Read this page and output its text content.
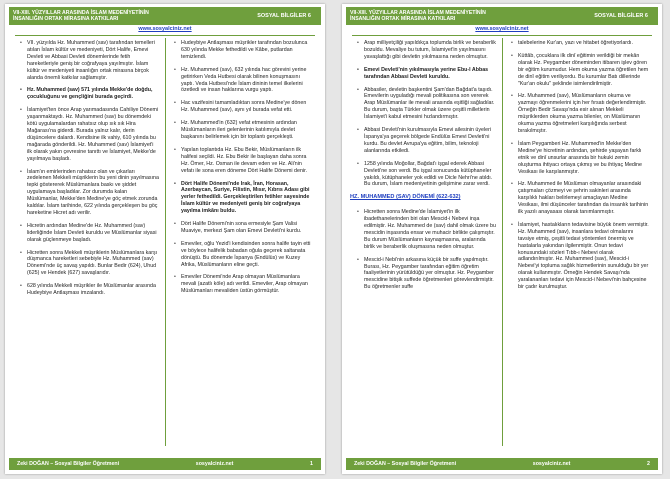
VII-XIII. YÜZYILLAR ARASINDA İSLAM MEDENİYETİNİN
İNSANLIĞIN ORTAK MİRASINA KATKILARI	SOSYAL BİLGİLER 6
www.sosyalciniz.net
• VII. yüzyılda Hz. Muhammed (sav) tarafından temelleri atılan İslam kültür ve medeniyeti, Dört Halife, Emevi Devleti ve Abbasi Devleti dönemlerinde fetih hareketleriyle geniş bir coğrafyaya yayılmıştır. İslam kültür ve medeniyeti insanlığın ortak mirasına birçok alanda önemli katkılar sağlamıştır.
• Hz. Muhammed (sav) 571 yılında Mekke'de doğdu, çocukluğunu ve gençliğini burada geçirdi.
• İslamiyet'ten önce Arap yarımadasında Cahiliye Dönemi yaşanmaktaydı. Hz. Muhammed (sav) bu dönemdeki kötü uygulamalardan rahatsız olup sık sık Hira Mağarası'na giderdi. Burada yalnız kalır, derin düşüncelere dalardı. Kendisine ilk vahiy, 610 yılında bu mağarada gönderildi. Hz. Muhammed (sav) İslamiyet'i ilk olarak yakın çevresine tanıttı ve İslamiyet, Mekke'de yayılmaya başladı.
• İslam'ın emirlerinden rahatsız olan ve çıkarları zedelenen Mekkeli müşriklerin bu yeni dinin yayılmasına tepki göstererek Müslümanlara baskı ve şiddet uygulamaya başladılar. Zor durumda kalan Müslümanlar, Mekke'den Medine'ye göç etmek zorunda kaldılar. İslam tarihinde, 622 yılında gerçekleşen bu göç hareketine Hicret adı verilir.
• Hicretin ardından Medine'de Hz. Muhammed (sav) liderliğinde İslam Devleti kuruldu ve Müslümanlar siyasi olarak güçlenmeye başladı.
• Hicretten sonra Mekkeli müşriklerin Müslümanlara karşı düşmanca hareketleri sebebiyle Hz. Muhammed (sav) Dönemi'nde üç savaş yapıldı. Bunlar Bedir (624), Uhud (625) ve Hendek (627) savaşlarıdır.
• 628 yılında Mekkeli müşrikler ile Müslümanlar arasında Hudeybiye Antlaşması imzalandı.
• Hudeybiye Antlaşması müşrikler tarafından bozulunca 630 yılında Mekke fethedildi ve Kâbe, putlardan temizlendi.
• Hz. Muhammed (sav), 632 yılında hac görevini yerine getirirken Veda Hutbesi olarak bilinen konuşmasını yaptı. Veda Hutbesi'nde İslam dininin temel ilkelerini özetledi ve insan haklarına vurgu yaptı.
• Hac vazifesini tamamladıktan sonra Medine'ye dönen Hz. Muhammed (sav), aynı yıl burada vefat etti.
• Hz. Muhammed'in (632) vefat etmesinin ardından Müslümanların ileri gelenlerinin katılımıyla devlet başkanını belirlemek için bir toplantı gerçekleşti.
• Yapılan toplantıda Hz. Ebu Bekir, Müslümanların ilk halifesi seçildi. Hz. Ebu Bekir ile başlayan daha sonra Hz. Ömer, Hz. Osman ile devam eden ve Hz. Ali'nin vefatı ile sona eren döneme Dört Halife Dönemi denir.
• Dört Halife Dönemi'nde Irak, İran, Horasan, Azerbaycan, Suriye, Filistin, Mısır, Kıbrıs Adası gibi yerler fethedildi. Gerçekleştirilen fetihler sayesinde İslam kültür ve medeniyeti geniş bir coğrafyaya yayılma imkânı buldu.
• Dört Halife Dönemi'nin sona ermesiyle Şam Valisi Muaviye, merkezi Şam olan Emevi Devleti'ni kurdu.
• Emeviler, oğlu Yezid'i kendisinden sonra halife tayin etti ve böylece halifelik babadan oğula geçerek saltanata dönüştü. Bu dönemde İspanya (Endülüs) ve Kuzey Afrika, Müslümanların eline geçti.
• Emeviler Dönemi'nde Arap olmayan Müslümanlara mevali (azatlı köle) adı verildi. Emeviler, Arap olmayan Müslümanları mevaliden üstün görmüştür.
Zeki DOĞAN – Sosyal Bilgiler Öğretmeni	sosyalciniz.net	1
VII-XIII. YÜZYILLAR ARASINDA İSLAM MEDENİYETİNİN
İNSANLIĞIN ORTAK MİRASINA KATKILARI	SOSYAL BİLGİLER 6
www.sosyalciniz.net
• Arap milliyetçiliği yapıldıkça toplumda birlik ve beraberlik bozuldu. Mevaliye bu tutum, İslamiyet'in yayılmasını yavaşlattığı gibi devletin yıkılmasına neden olmuştur.
• Emevi Devleti'nin yıkılmasıyla yerine Ebu-l Abbas tarafından Abbasi Devleti kuruldu.
• Abbasiler, devletin başkentini Şam'dan Bağdat'a taşıdı. Emevilerin uyguladığı mevali politikasına son vererek Arap Müslümanlar ile mevali arasında eşitliği sağladılar. Bu durum, başta Türkler olmak üzere çeşitli milletlerin İslamiyet'i kabul etmesini hızlandırmıştır.
• Abbasi Devleti'nin kurulmasıyla Emevi ailesinin üyeleri İspanya'ya geçerek bölgede Endülüs Emevi Devleti'ni kurdu. Bu devlet Avrupa'ya eğitim, bilim, teknoloji alanlarında etkiledi.
• 1258 yılında Moğollar, Bağdat'ı işgal ederek Abbasi Devleti'ne son verdi. Bu işgal sonucunda kütüphaneler yakıldı, kütüphaneler yok edildi ve Dicle Nehri'ne atıldı. Bu durum, İslam medeniyetinin gelişimine zarar verdi.
HZ. MUHAMMED (SAV) DÖNEMİ (622-632)
• Hicretten sonra Medine'de İslamiyet'in ilk ibadethanelerinden biri olan Mescid-i Nebevi inşa edilmiştir. Hz. Muhammed de (sav) dahil olmak üzere bu mescidin inşasında ensar ve muhacir birlikte çalışmıştır. Bu durum Müslümanların kaynaşmasına, aralarında birlik ve beraberlik oluşmasına neden olmuştur.
• Mescid-i Nebi'nin arkasına küçük bir suffe yapılmıştır. Burası, Hz. Peygamber tarafından eğitim öğretim faaliyetlerinin yürütüldüğü yer olmuştur. Hz. Peygamber mescidine bitişik suffede öğretmenleri görevlendirmiştir. Bu öğretmenler suffe
• talebelerine Kur'an, yazı ve hitabet öğretiyorlardı.
• Küttâb, çocuklara ilk dinî eğitimin verildiği bir mekân olarak Hz. Peygamber döneminden itibaren işlev gören bir eğitim kurumudur. Hem okuma yazma öğretilen hem de dinî eğitim veriliyordu. Bu kurumlar Batı dillerinde "Kur'an okulu" şeklinde isimlendirilmiştir.
• Hz. Muhammed (sav), Müslümanların okuma ve yazmayı öğrenmelerini için her fırsatı değerlendirmiştir. Örneğin Bedir Savaşı'nda esir alınan Mekkeli müşriklerden okuma yazma bilenler, on Müslümanın okuma yazma öğretmeleri karşılığında serbest bırakılmıştır.
• İslam Peygamberi Hz. Muhammed'in Mekke'den Medine'ye hicretinin ardından, şehirde yaşayan farklı etnik ve dinî unsurlar arasında bir hukuki zemin oluşturma ihtiyacı ortaya çıkmış ve bu ihtiyaç Medine Vesikası ile karşılanmıştır.
• Hz. Muhammed ile Müslüman olmayanlar arasındaki çatışmaları çözmeyi ve şehrin sakinleri arasında karşılıklı hakları belirlemeyi amaçlayan Medine Vesikası, ilmi düşünceler tarafından da insanlık tarihinin ilk yazılı anayasası olarak tanımlanmıştır.
• İslamiyet, hastalıkların tedavisine büyük önem vermiştir. Hz. Muhammed (sav), insanlara tedavi olmalarını tavsiye etmiş, çeşitli tedavi yöntemleri önermiş ve hastalarla yakından ilgilenmiştir. Onun tedavi konusundaki sözleri Tıbb-ı Nebevi olarak adlandırılmıştır. Hz. Muhammed (sav), Mescid-i Nebevi'yi topluma sağlık hizmetlerinin sunulduğu bir yer olarak kullanmıştır. Örneğin Hendek Savaşı'nda yaralananları tedavi için Mescid-i Nebevi'nin bahçesine bir çadır kurulmuştur.
Zeki DOĞAN – Sosyal Bilgiler Öğretmeni	sosyalciniz.net	2
